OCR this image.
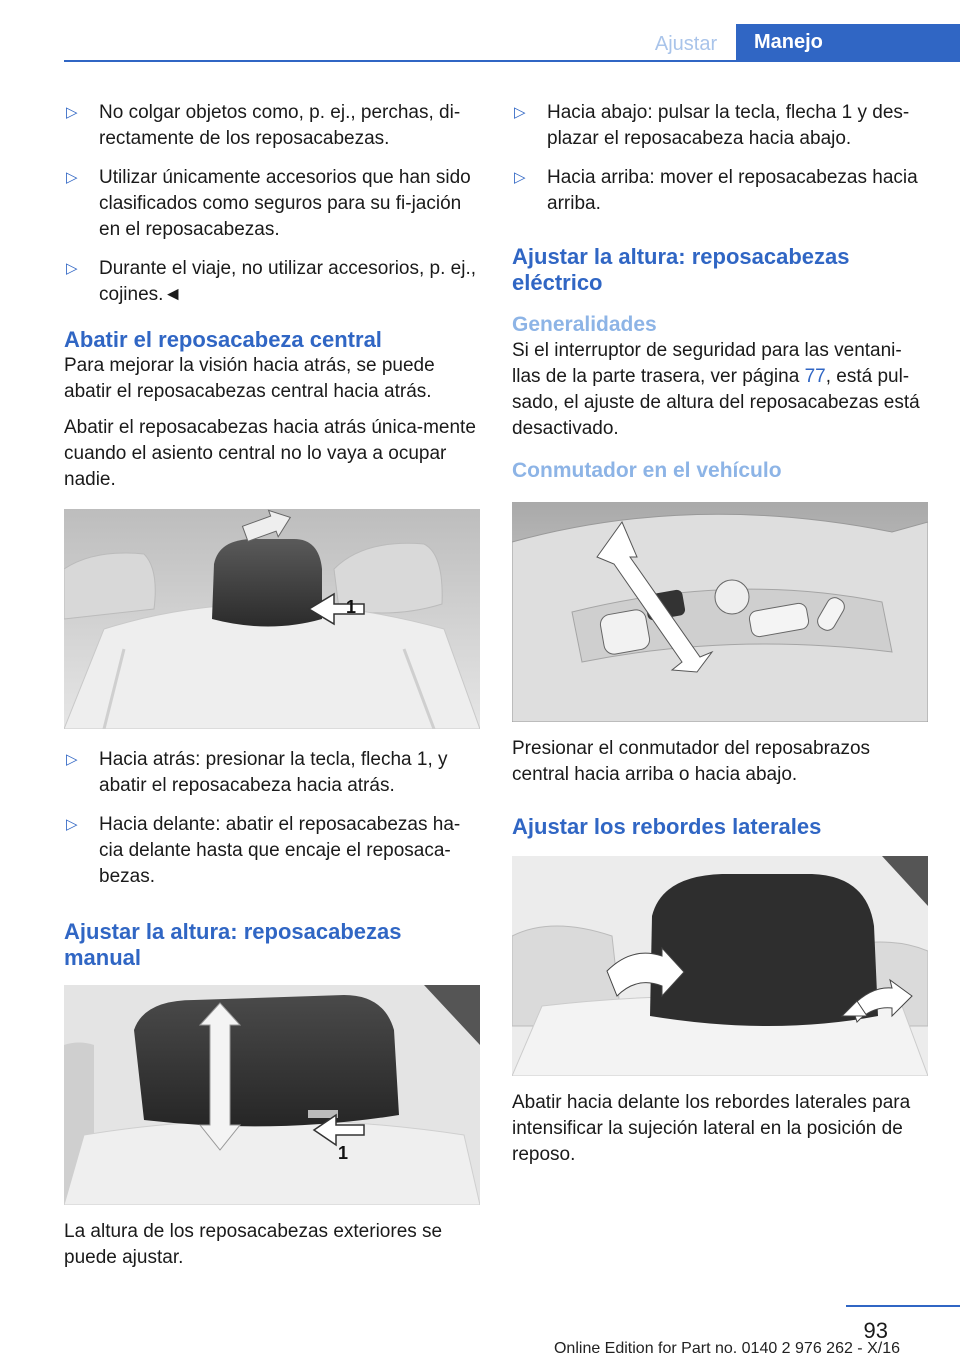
Ajustar	Manejo
▷ No colgar objetos como, p. ej., perchas, di-rectamente de los reposacabezas.
▷ Utilizar únicamente accesorios que han sido clasificados como seguros para su fi-jación en el reposacabezas.
▷ Durante el viaje, no utilizar accesorios, p. ej., cojines.◄
Abatir el reposacabeza central

Para mejorar la visión hacia atrás, se puede abatir el reposacabezas central hacia atrás.

Abatir el reposacabezas hacia atrás única-mente cuando el asiento central no lo vaya a ocupar nadie.

1
▷ Hacia atrás: presionar la tecla, flecha 1, y abatir el reposacabeza hacia atrás.
▷ Hacia delante: abatir el reposacabezas ha-cia delante hasta que encaje el reposaca-bezas.
Ajustar la altura: reposacabezas manual
1

La altura de los reposacabezas exteriores se puede ajustar.

▷ Hacia abajo: pulsar la tecla, flecha 1 y des-plazar el reposacabeza hacia abajo.
▷ Hacia arriba: mover el reposacabezas hacia arriba.
Ajustar la altura: reposacabezas eléctrico
Generalidades

Si el interruptor de seguridad para las ventani-llas de la parte trasera, ver página 77, está pul-sado, el ajuste de altura del reposacabezas está desactivado.

Conmutador en el vehículo

Presionar el conmutador del reposabrazos central hacia arriba o hacia abajo.

Ajustar los rebordes laterales

Abatir hacia delante los rebordes laterales para intensificar la sujeción lateral en la posición de reposo.

93
Online Edition for Part no. 0140 2 976 262 - X/16
